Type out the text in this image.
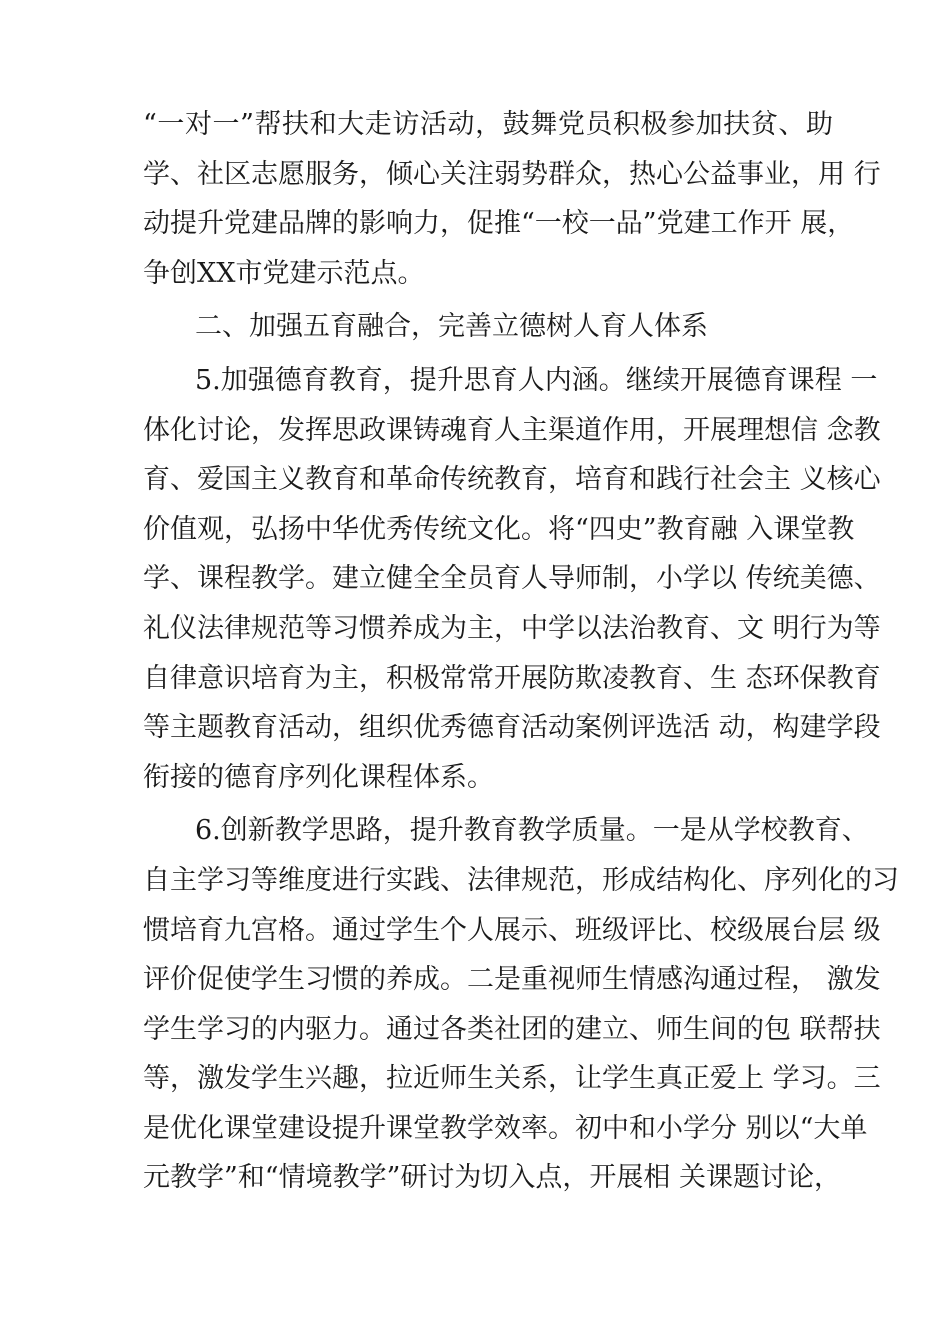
“一对一”帮扶和大走访活动，鼓舞党员积极参加扶贫、助
学、社区志愿服务，倾心关注弱势群众，热心公益事业，用 行
动提升党建品牌的影响力，促推“一校一品”党建工作开 展，
争创XX市党建示范点。
二、加强五育融合，完善立德树人育人体系
5.加强德育教育，提升思育人内涵。继续开展德育课程 一
体化讨论，发挥思政课铸魂育人主渠道作用，开展理想信 念教
育、爱国主义教育和革命传统教育，培育和践行社会主 义核心
价值观，弘扬中华优秀传统文化。将“四史”教育融 入课堂教
学、课程教学。建立健全全员育人导师制，小学以 传统美德、
礼仪法律规范等习惯养成为主，中学以法治教育、文 明行为等
自律意识培育为主，积极常常开展防欺凌教育、生 态环保教育
等主题教育活动，组织优秀德育活动案例评选活 动，构建学段
衔接的德育序列化课程体系。
6.创新教学思路，提升教育教学质量。一是从学校教育、
自主学习等维度进行实践、法律规范，形成结构化、序列化的习
惯培育九宫格。通过学生个人展示、班级评比、校级展台层 级
评价促使学生习惯的养成。二是重视师生情感沟通过程， 激发
学生学习的内驱力。通过各类社团的建立、师生间的包 联帮扶
等，激发学生兴趣，拉近师生关系，让学生真正爱上 学习。三
是优化课堂建设提升课堂教学效率。初中和小学分 别以“大单
元教学”和“情境教学”研讨为切入点，开展相 关课题讨论，
